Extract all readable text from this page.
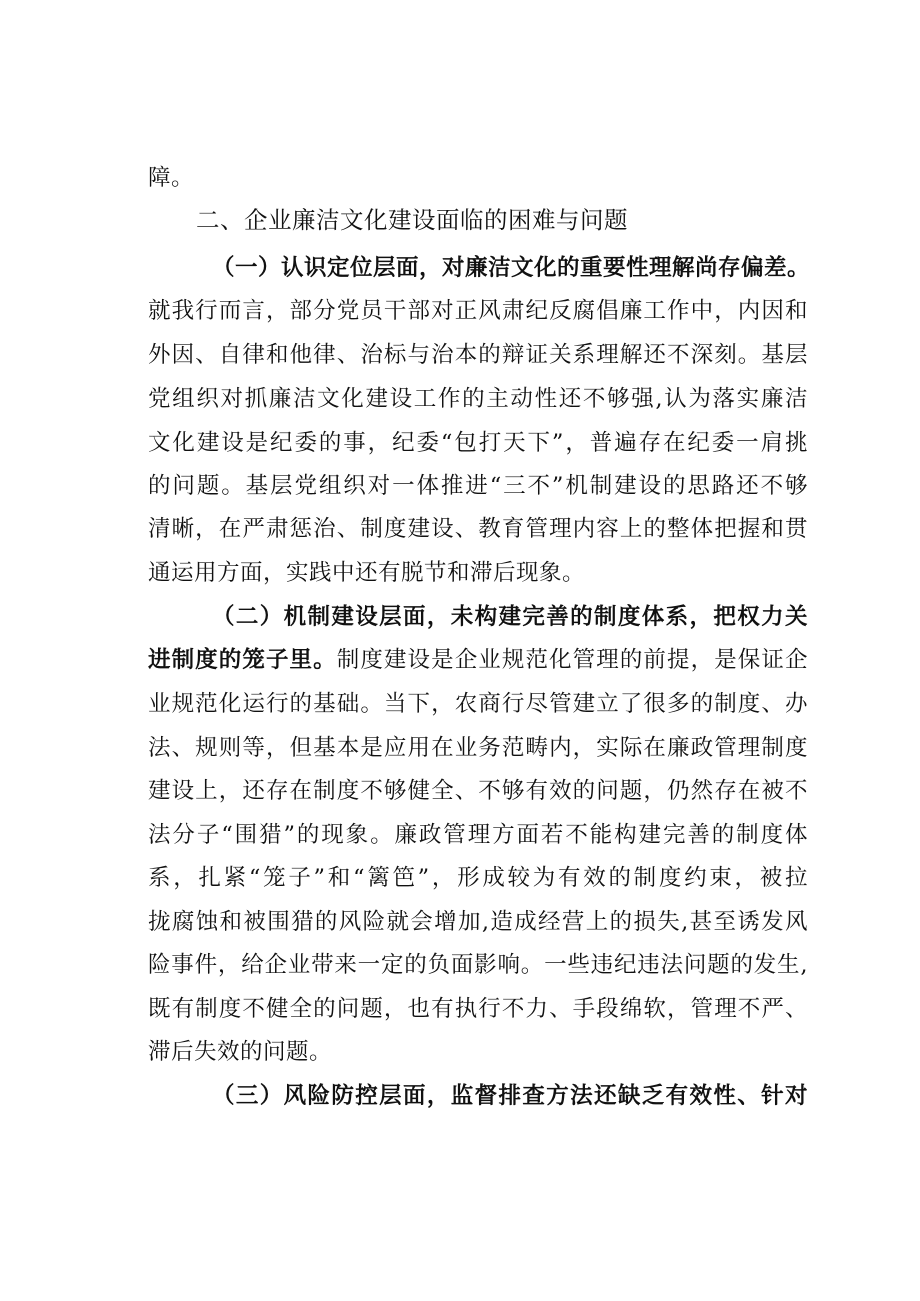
障。
二、企业廉洁文化建设面临的困难与问题
（一）认识定位层面，对廉洁文化的重要性理解尚存偏差。
就我行而言，部分党员干部对正风肃纪反腐倡廉工作中，内因和
外因、自律和他律、治标与治本的辩证关系理解还不深刻。基层
党组织对抓廉洁文化建设工作的主动性还不够强,认为落实廉洁
文化建设是纪委的事，纪委“包打天下”，普遍存在纪委一肩挑
的问题。基层党组织对一体推进“三不”机制建设的思路还不够
清晰，在严肃惩治、制度建设、教育管理内容上的整体把握和贯
通运用方面，实践中还有脱节和滞后现象。
（二）机制建设层面，未构建完善的制度体系，把权力关
进制度的笼子里。制度建设是企业规范化管理的前提，是保证企
业规范化运行的基础。当下，农商行尽管建立了很多的制度、办
法、规则等，但基本是应用在业务范畴内，实际在廉政管理制度
建设上，还存在制度不够健全、不够有效的问题，仍然存在被不
法分子“围猎”的现象。廉政管理方面若不能构建完善的制度体
系，扎紧“笼子”和“篱笆”，形成较为有效的制度约束，被拉
拢腐蚀和被围猎的风险就会增加,造成经营上的损失,甚至诱发风
险事件，给企业带来一定的负面影响。一些违纪违法问题的发生,
既有制度不健全的问题，也有执行不力、手段绵软，管理不严、
滞后失效的问题。
（三）风险防控层面，监督排查方法还缺乏有效性、针对
